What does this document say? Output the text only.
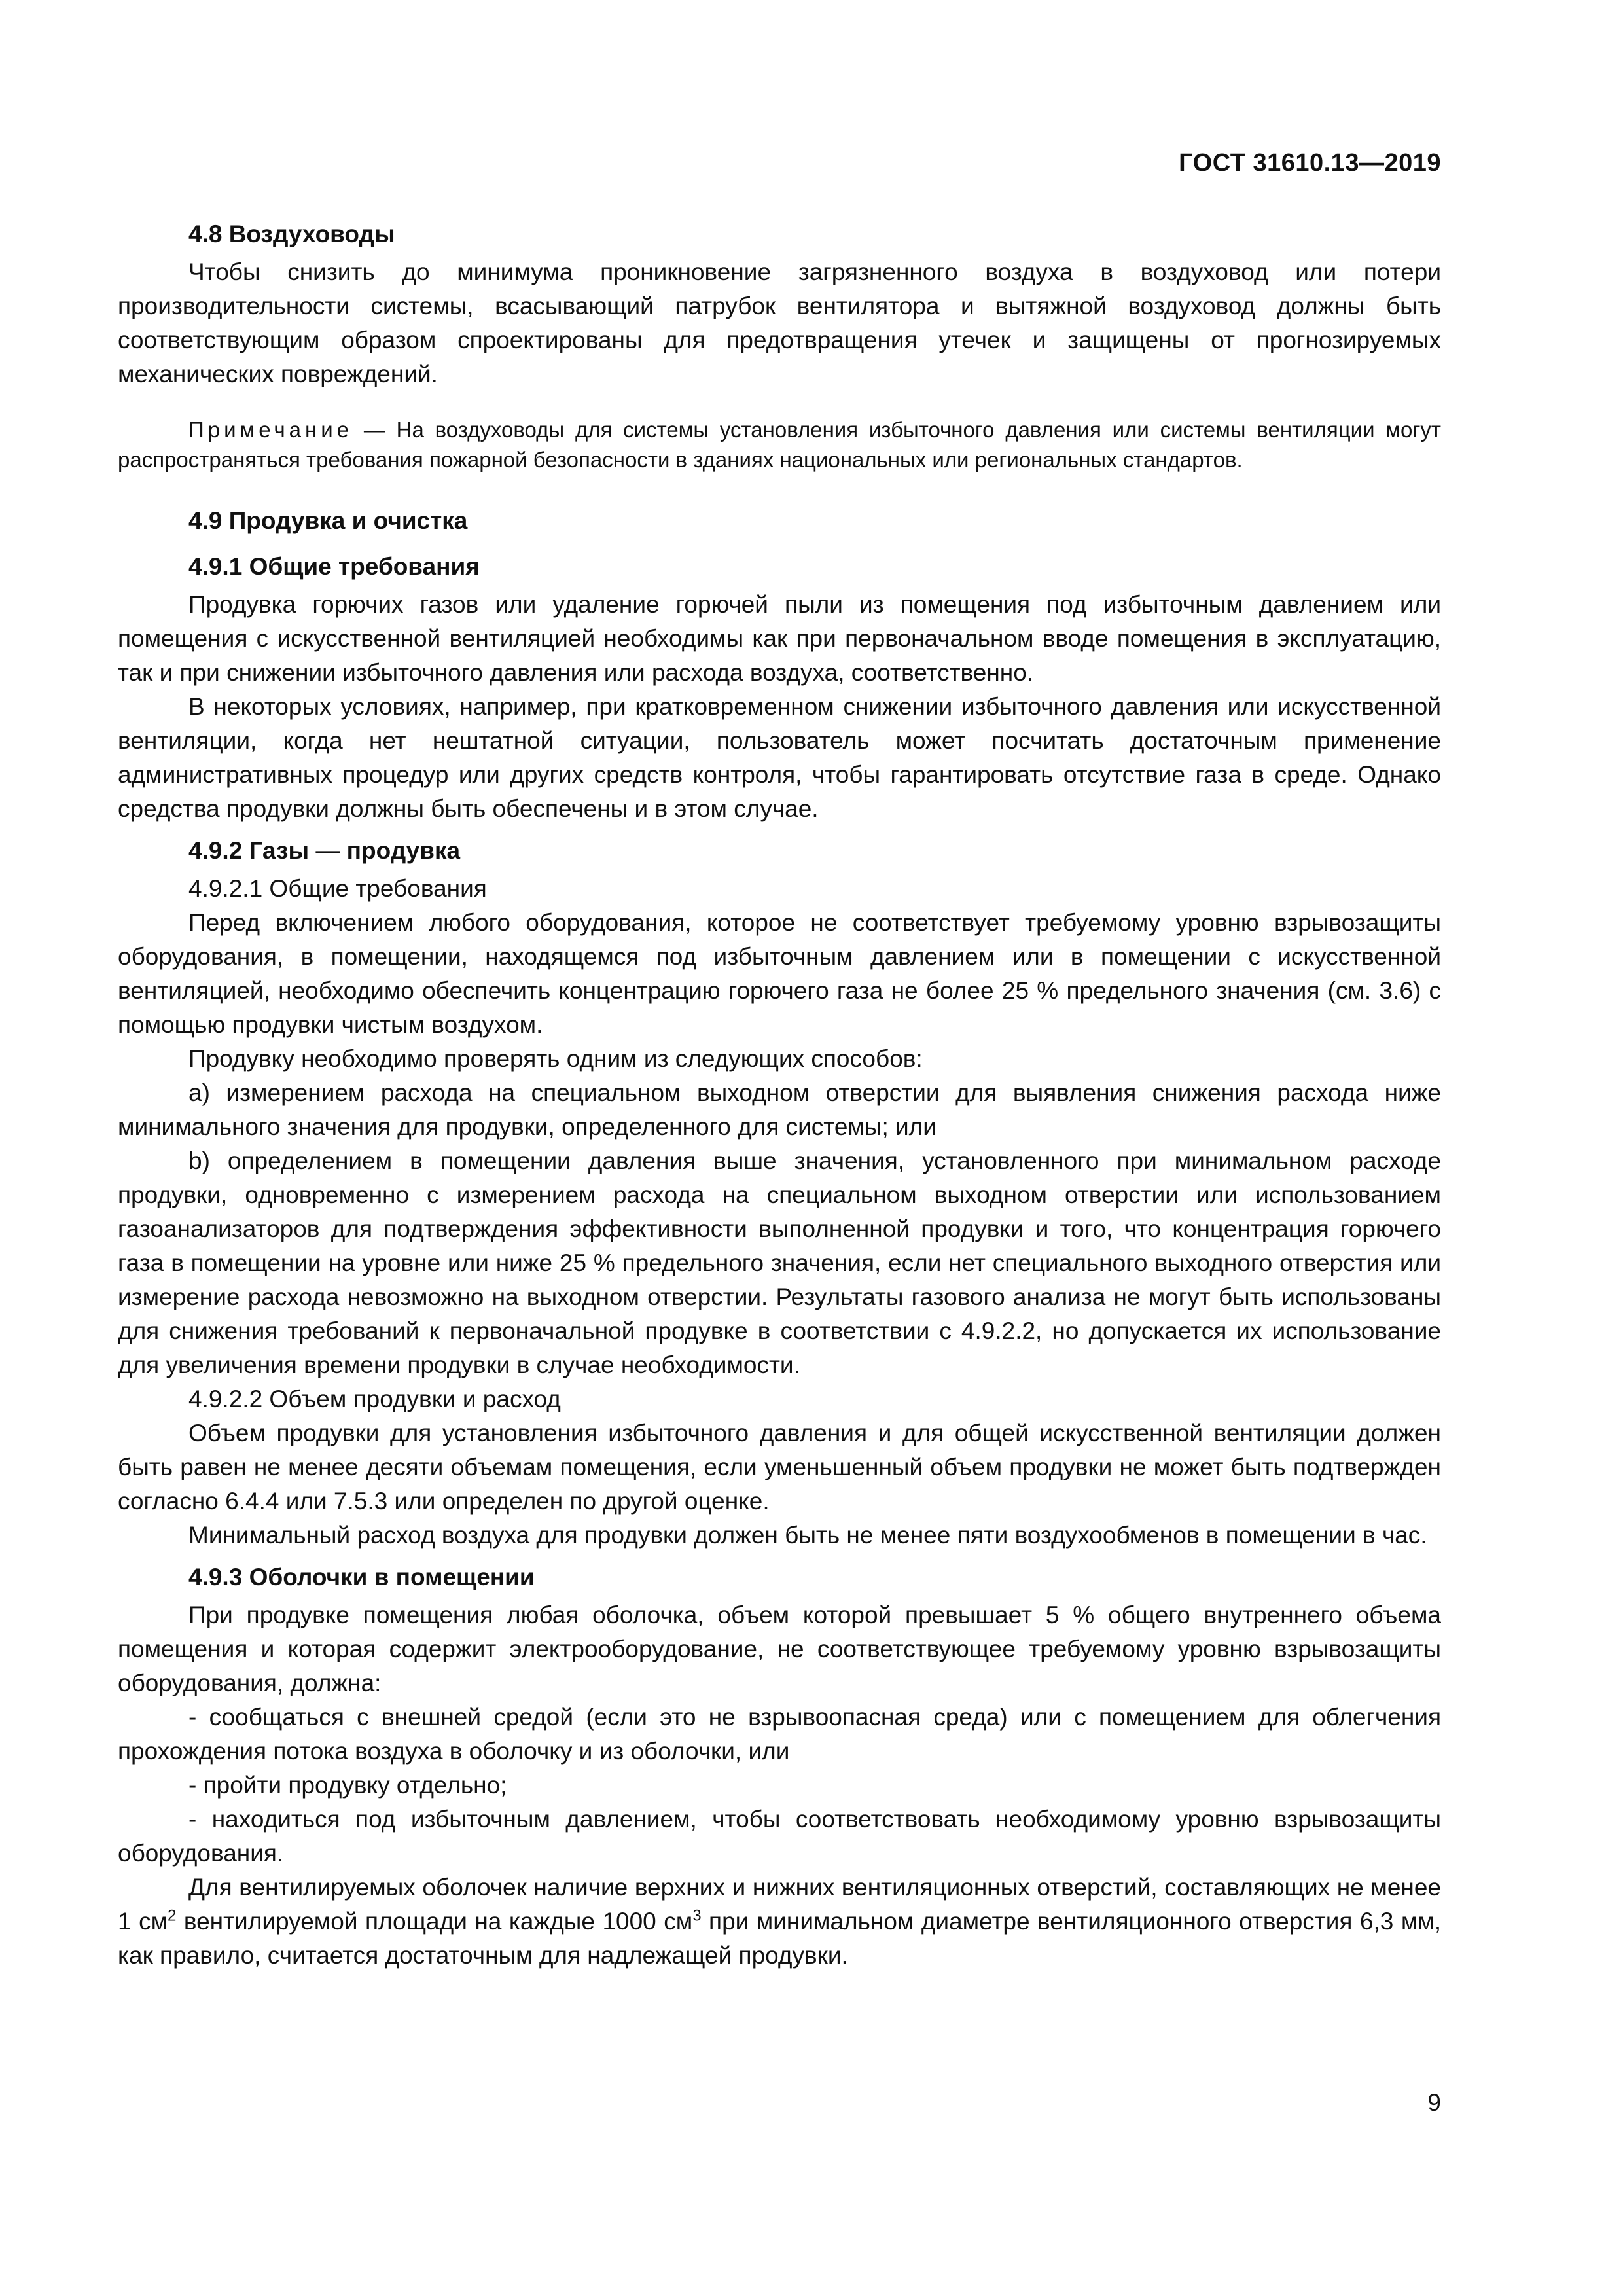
ГОСТ 31610.13—2019
4.8 Воздуховоды

Чтобы снизить до минимума проникновение загрязненного воздуха в воздуховод или потери производительности системы, всасывающий патрубок вентилятора и вытяжной воздуховод должны быть соответствующим образом спроектированы для предотвращения утечек и защищены от прогнозируемых механических повреждений.

Примечание — На воздуховоды для системы установления избыточного давления или системы вентиляции могут распространяться требования пожарной безопасности в зданиях национальных или региональных стандартов.

4.9 Продувка и очистка
4.9.1 Общие требования

Продувка горючих газов или удаление горючей пыли из помещения под избыточным давлением или помещения с искусственной вентиляцией необходимы как при первоначальном вводе помещения в эксплуатацию, так и при снижении избыточного давления или расхода воздуха, соответственно.

В некоторых условиях, например, при кратковременном снижении избыточного давления или искусственной вентиляции, когда нет нештатной ситуации, пользователь может посчитать достаточным применение административных процедур или других средств контроля, чтобы гарантировать отсутствие газа в среде. Однако средства продувки должны быть обеспечены и в этом случае.

4.9.2 Газы — продувка
4.9.2.1 Общие требования

Перед включением любого оборудования, которое не соответствует требуемому уровню взрывозащиты оборудования, в помещении, находящемся под избыточным давлением или в помещении с искусственной вентиляцией, необходимо обеспечить концентрацию горючего газа не более 25 % предельного значения (см. 3.6) с помощью продувки чистым воздухом.

Продувку необходимо проверять одним из следующих способов:

a) измерением расхода на специальном выходном отверстии для выявления снижения расхода ниже минимального значения для продувки, определенного для системы; или

b) определением в помещении давления выше значения, установленного при минимальном расходе продувки, одновременно с измерением расхода на специальном выходном отверстии или использованием газоанализаторов для подтверждения эффективности выполненной продувки и того, что концентрация горючего газа в помещении на уровне или ниже 25 % предельного значения, если нет специального выходного отверстия или измерение расхода невозможно на выходном отверстии. Результаты газового анализа не могут быть использованы для снижения требований к первоначальной продувке в соответствии с 4.9.2.2, но допускается их использование для увеличения времени продувки в случае необходимости.

4.9.2.2 Объем продувки и расход

Объем продувки для установления избыточного давления и для общей искусственной вентиляции должен быть равен не менее десяти объемам помещения, если уменьшенный объем продувки не может быть подтвержден согласно 6.4.4 или 7.5.3 или определен по другой оценке.

Минимальный расход воздуха для продувки должен быть не менее пяти воздухообменов в помещении в час.

4.9.3 Оболочки в помещении

При продувке помещения любая оболочка, объем которой превышает 5 % общего внутреннего объема помещения и которая содержит электрооборудование, не соответствующее требуемому уровню взрывозащиты оборудования, должна:

- сообщаться с внешней средой (если это не взрывоопасная среда) или с помещением для облегчения прохождения потока воздуха в оболочку и из оболочки, или

- пройти продувку отдельно;

- находиться под избыточным давлением, чтобы соответствовать необходимому уровню взрывозащиты оборудования.

Для вентилируемых оболочек наличие верхних и нижних вентиляционных отверстий, составляющих не менее 1 $см^2$ вентилируемой площади на каждые 1000 $см^3$ при минимальном диаметре вентиляционного отверстия 6,3 мм, как правило, считается достаточным для надлежащей продувки.

9
